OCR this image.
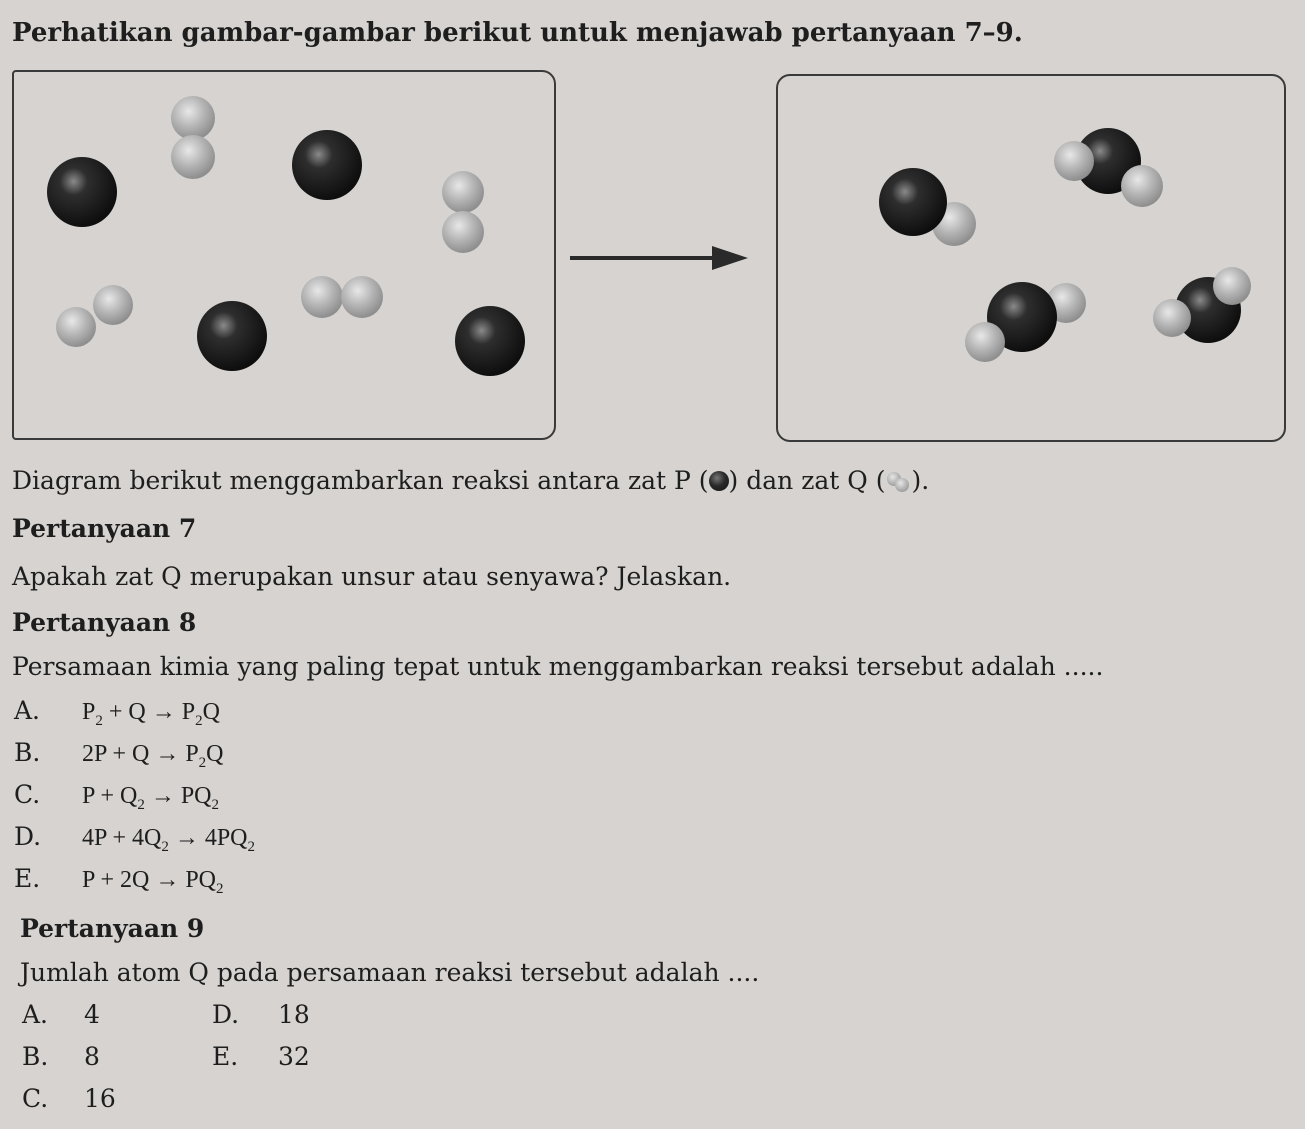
Perhatikan gambar-gambar berikut untuk menjawab pertanyaan 7–9.
Diagram berikut menggambarkan reaksi antara zat P ( ) dan zat Q ( ).
Pertanyaan 7
Apakah zat Q merupakan unsur atau senyawa? Jelaskan.
Pertanyaan 8
Persamaan kimia yang paling tepat untuk menggambarkan reaksi tersebut adalah .....
A. $P_2 + Q \to P_2Q$
B. $2P + Q \to P_2Q$
C. $P + Q_2 \to PQ_2$
D. $4P + 4Q_2 \to 4PQ_2$
E. $P + 2Q \to PQ_2$
Pertanyaan 9
Jumlah atom Q pada persamaan reaksi tersebut adalah ....
A. 4
B. 8
C. 16
D. 18
E. 32
